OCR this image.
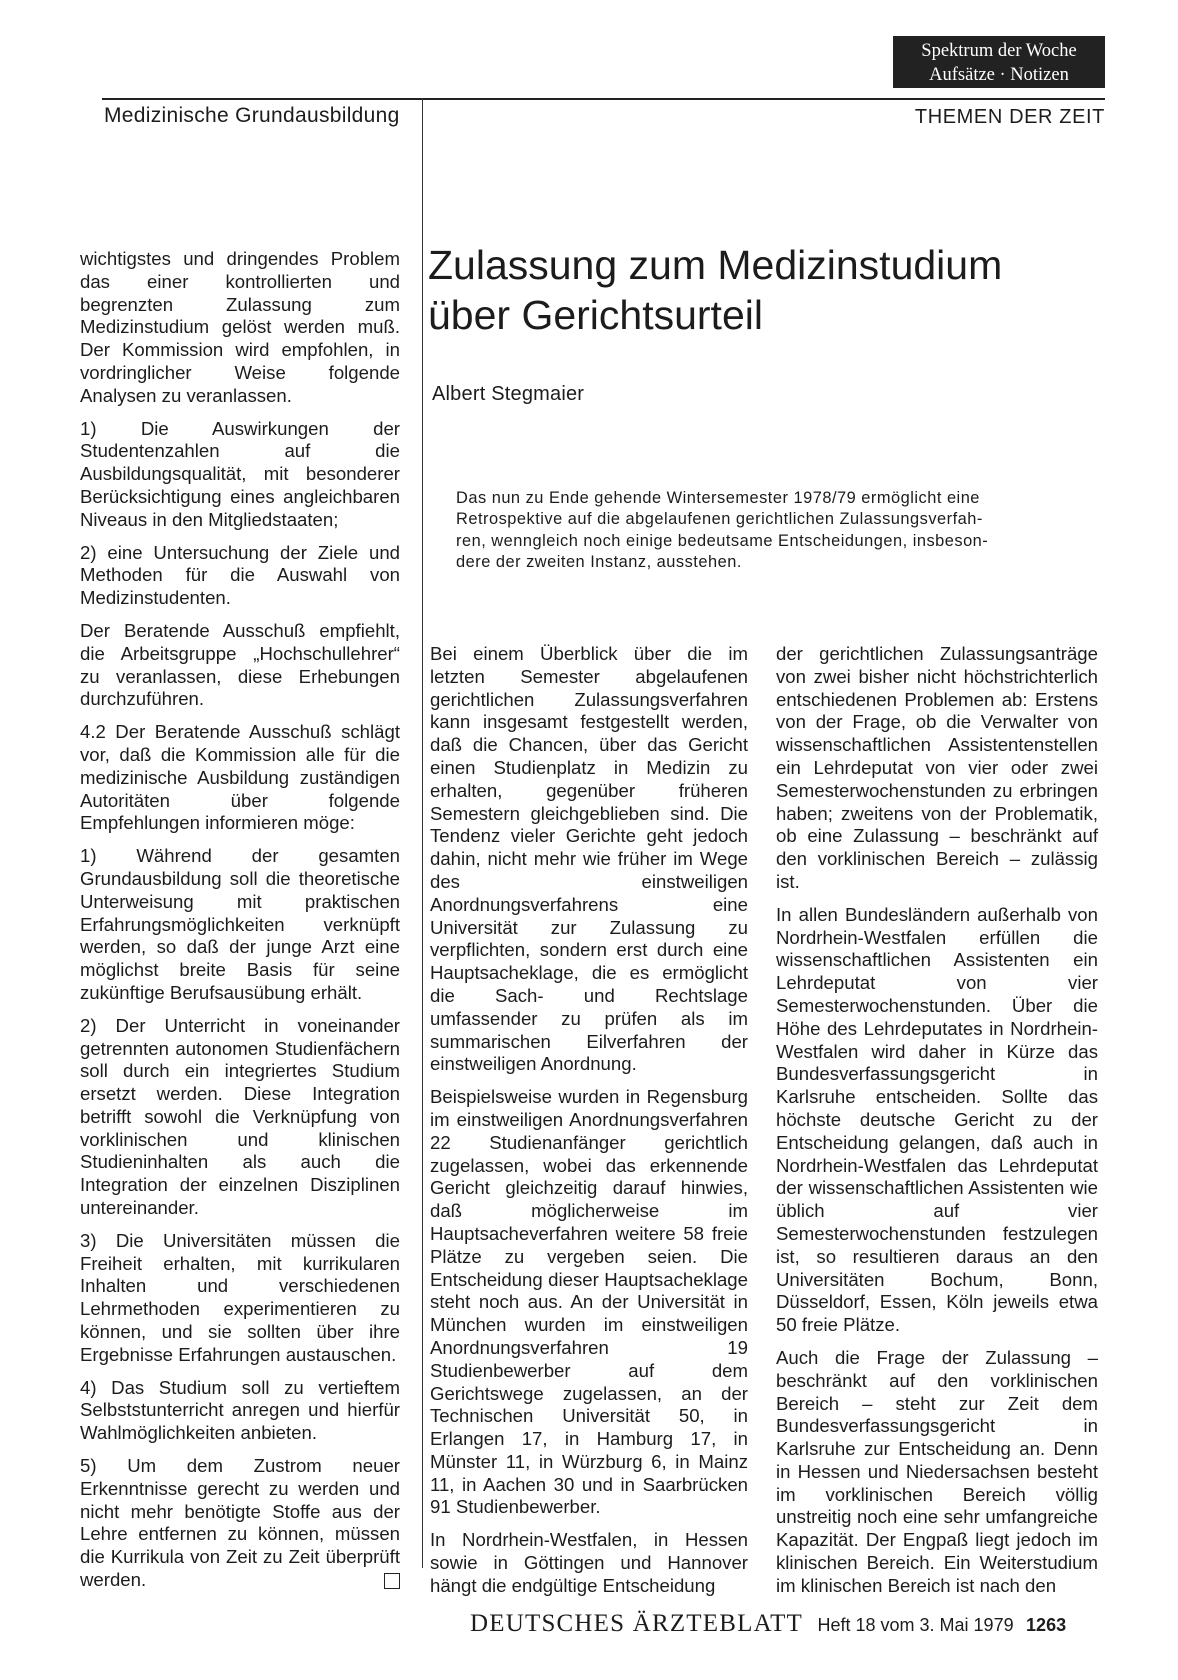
Spektrum der Woche
Aufsätze · Notizen
Medizinische Grundausbildung	THEMEN DER ZEIT

wichtigstes und dringendes Problem das einer kontrollierten und begrenzten Zulassung zum Medizinstudium gelöst werden muß. Der Kommission wird empfohlen, in vordringlicher Weise folgende Analysen zu veranlassen.

1) Die Auswirkungen der Studentenzahlen auf die Ausbildungsqualität, mit besonderer Berücksichtigung eines angleichbaren Niveaus in den Mitgliedstaaten;

2) eine Untersuchung der Ziele und Methoden für die Auswahl von Medizinstudenten.

Der Beratende Ausschuß empfiehlt, die Arbeitsgruppe „Hochschullehrer“ zu veranlassen, diese Erhebungen durchzuführen.

4.2 Der Beratende Ausschuß schlägt vor, daß die Kommission alle für die medizinische Ausbildung zuständigen Autoritäten über folgende Empfehlungen informieren möge:

1) Während der gesamten Grundausbildung soll die theoretische Unterweisung mit praktischen Erfahrungsmöglichkeiten verknüpft werden, so daß der junge Arzt eine möglichst breite Basis für seine zukünftige Berufsausübung erhält.

2) Der Unterricht in voneinander getrennten autonomen Studienfächern soll durch ein integriertes Studium ersetzt werden. Diese Integration betrifft sowohl die Verknüpfung von vorklinischen und klinischen Studieninhalten als auch die Integration der einzelnen Disziplinen untereinander.

3) Die Universitäten müssen die Freiheit erhalten, mit kurrikularen Inhalten und verschiedenen Lehrmethoden experimentieren zu können, und sie sollten über ihre Ergebnisse Erfahrungen austauschen.

4) Das Studium soll zu vertieftem Selbststunterricht anregen und hierfür Wahlmöglichkeiten anbieten.

5) Um dem Zustrom neuer Erkenntnisse gerecht zu werden und nicht mehr benötigte Stoffe aus der Lehre entfernen zu können, müssen die Kurrikula von Zeit zu Zeit überprüft werden.

Zulassung zum Medizinstudium
über Gerichtsurteil
Albert Stegmaier
Das nun zu Ende gehende Wintersemester 1978/79 ermöglicht eine
Retrospektive auf die abgelaufenen gerichtlichen Zulassungsverfah-
ren, wenngleich noch einige bedeutsame Entscheidungen, insbeson-
dere der zweiten Instanz, ausstehen.

Bei einem Überblick über die im letzten Semester abgelaufenen gerichtlichen Zulassungsverfahren kann insgesamt festgestellt werden, daß die Chancen, über das Gericht einen Studienplatz in Medizin zu erhalten, gegenüber früheren Semestern gleichgeblieben sind. Die Tendenz vieler Gerichte geht jedoch dahin, nicht mehr wie früher im Wege des einstweiligen Anordnungsverfahrens eine Universität zur Zulassung zu verpflichten, sondern erst durch eine Hauptsacheklage, die es ermöglicht die Sach- und Rechtslage umfassender zu prüfen als im summarischen Eilverfahren der einstweiligen Anordnung.

Beispielsweise wurden in Regensburg im einstweiligen Anordnungsverfahren 22 Studienanfänger gerichtlich zugelassen, wobei das erkennende Gericht gleichzeitig darauf hinwies, daß möglicherweise im Hauptsacheverfahren weitere 58 freie Plätze zu vergeben seien. Die Entscheidung dieser Hauptsacheklage steht noch aus. An der Universität in München wurden im einstweiligen Anordnungsverfahren 19 Studienbewerber auf dem Gerichtswege zugelassen, an der Technischen Universität 50, in Erlangen 17, in Hamburg 17, in Münster 11, in Würzburg 6, in Mainz 11, in Aachen 30 und in Saarbrücken 91 Studienbewerber.

In Nordrhein-Westfalen, in Hessen sowie in Göttingen und Hannover hängt die endgültige Entscheidung

der gerichtlichen Zulassungsanträge von zwei bisher nicht höchstrichterlich entschiedenen Problemen ab: Erstens von der Frage, ob die Verwalter von wissenschaftlichen Assistentenstellen ein Lehrdeputat von vier oder zwei Semesterwochenstunden zu erbringen haben; zweitens von der Problematik, ob eine Zulassung – beschränkt auf den vorklinischen Bereich – zulässig ist.

In allen Bundesländern außerhalb von Nordrhein-Westfalen erfüllen die wissenschaftlichen Assistenten ein Lehrdeputat von vier Semesterwochenstunden. Über die Höhe des Lehrdeputates in Nordrhein-Westfalen wird daher in Kürze das Bundesverfassungsgericht in Karlsruhe entscheiden. Sollte das höchste deutsche Gericht zu der Entscheidung gelangen, daß auch in Nordrhein-Westfalen das Lehrdeputat der wissenschaftlichen Assistenten wie üblich auf vier Semesterwochenstunden festzulegen ist, so resultieren daraus an den Universitäten Bochum, Bonn, Düsseldorf, Essen, Köln jeweils etwa 50 freie Plätze.

Auch die Frage der Zulassung – beschränkt auf den vorklinischen Bereich – steht zur Zeit dem Bundesverfassungsgericht in Karlsruhe zur Entscheidung an. Denn in Hessen und Niedersachsen besteht im vorklinischen Bereich völlig unstreitig noch eine sehr umfangreiche Kapazität. Der Engpaß liegt jedoch im klinischen Bereich. Ein Weiterstudium im klinischen Bereich ist nach den

DEUTSCHES ÄRZTEBLATT Heft 18 vom 3. Mai 1979 1263
